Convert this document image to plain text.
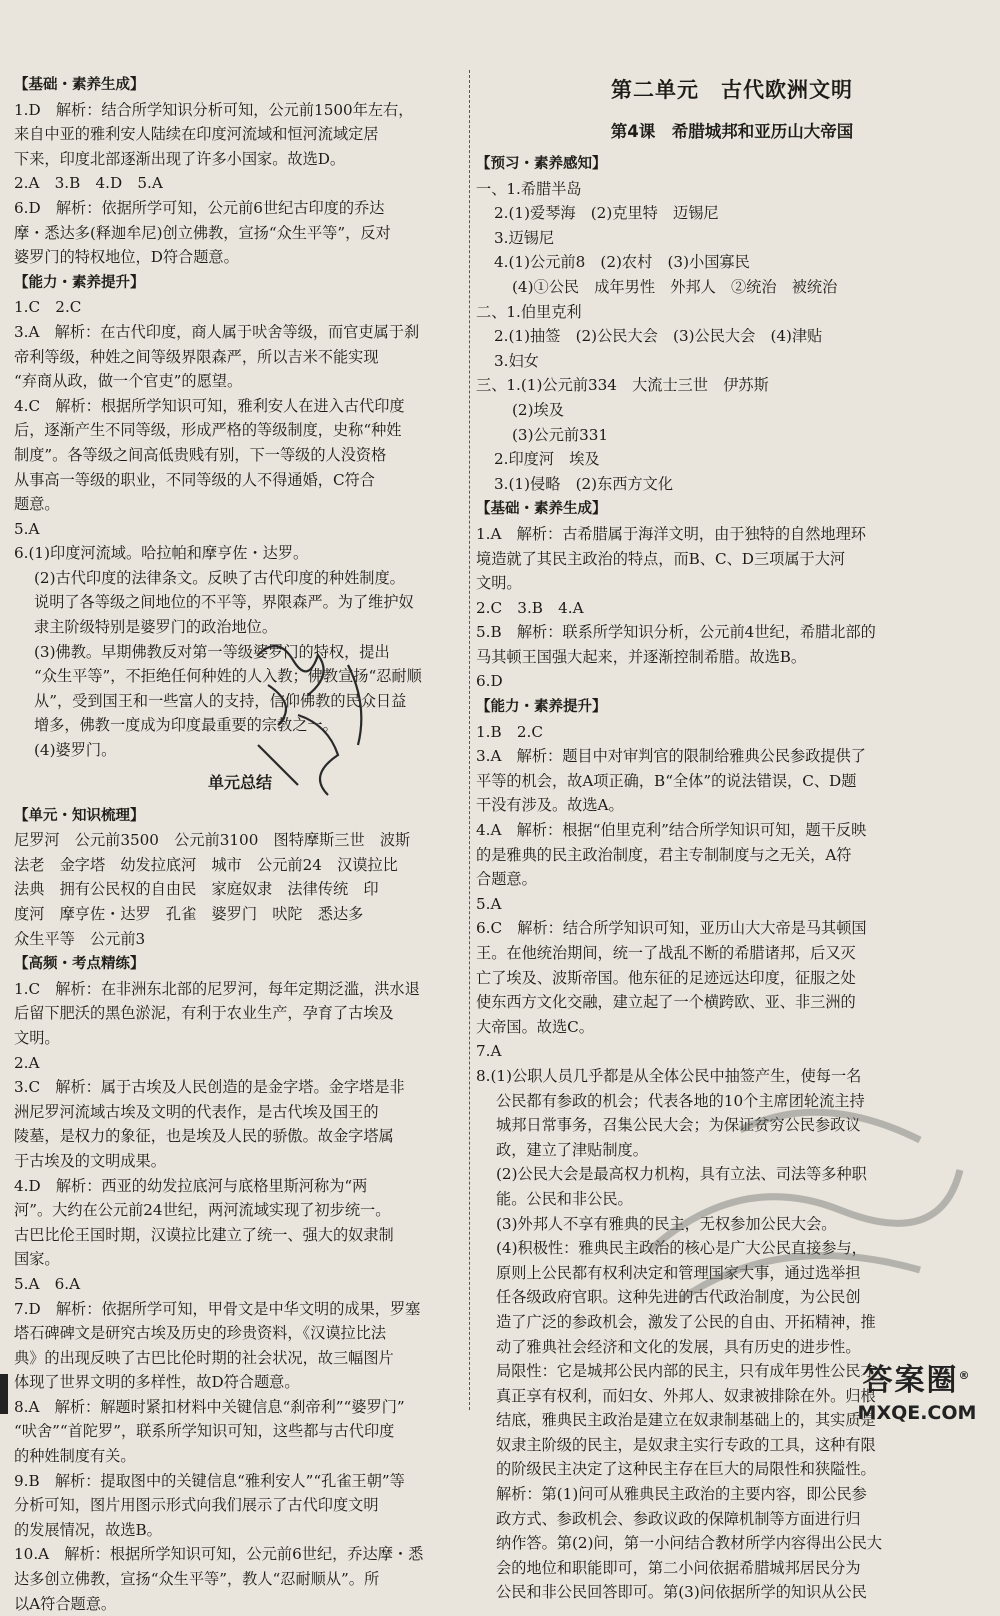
【基础・素养生成】

1.D　解析：结合所学知识分析可知，公元前1500年左右，

来自中亚的雅利安人陆续在印度河流域和恒河流域定居

下来，印度北部逐渐出现了许多小国家。故选D。

2.A　3.B　4.D　5.A

6.D　解析：依据所学可知，公元前6世纪古印度的乔达

摩・悉达多(释迦牟尼)创立佛教，宣扬“众生平等”，反对

婆罗门的特权地位，D符合题意。

【能力・素养提升】

1.C　2.C

3.A　解析：在古代印度，商人属于吠舍等级，而官吏属于刹

帝利等级，种姓之间等级界限森严，所以吉米不能实现

“弃商从政，做一个官吏”的愿望。

4.C　解析：根据所学知识可知，雅利安人在进入古代印度

后，逐渐产生不同等级，形成严格的等级制度，史称“种姓

制度”。各等级之间高低贵贱有别，下一等级的人没资格

从事高一等级的职业，不同等级的人不得通婚，C符合

题意。

5.A

6.(1)印度河流域。哈拉帕和摩亨佐・达罗。

(2)古代印度的法律条文。反映了古代印度的种姓制度。

说明了各等级之间地位的不平等，界限森严。为了维护奴

隶主阶级特别是婆罗门的政治地位。

(3)佛教。早期佛教反对第一等级婆罗门的特权，提出

“众生平等”，不拒绝任何种姓的人入教；佛教宣扬“忍耐顺

从”，受到国王和一些富人的支持，信仰佛教的民众日益

增多，佛教一度成为印度最重要的宗教之一。

(4)婆罗门。

单元总结
【单元・知识梳理】

尼罗河　公元前3500　公元前3100　图特摩斯三世　波斯

法老　金字塔　幼发拉底河　城市　公元前24　汉谟拉比

法典　拥有公民权的自由民　家庭奴隶　法律传统　印

度河　摩亨佐・达罗　孔雀　婆罗门　吠陀　悉达多

众生平等　公元前3

【高频・考点精练】

1.C　解析：在非洲东北部的尼罗河，每年定期泛滥，洪水退

后留下肥沃的黑色淤泥，有利于农业生产，孕育了古埃及

文明。

2.A

3.C　解析：属于古埃及人民创造的是金字塔。金字塔是非

洲尼罗河流域古埃及文明的代表作，是古代埃及国王的

陵墓，是权力的象征，也是埃及人民的骄傲。故金字塔属

于古埃及的文明成果。

4.D　解析：西亚的幼发拉底河与底格里斯河称为“两

河”。大约在公元前24世纪，两河流域实现了初步统一。

古巴比伦王国时期，汉谟拉比建立了统一、强大的奴隶制

国家。

5.A　6.A

7.D　解析：依据所学可知，甲骨文是中华文明的成果，罗塞

塔石碑碑文是研究古埃及历史的珍贵资料，《汉谟拉比法

典》的出现反映了古巴比伦时期的社会状况，故三幅图片

体现了世界文明的多样性，故D符合题意。

8.A　解析：解题时紧扣材料中关键信息“刹帝利”“婆罗门”

“吠舍”“首陀罗”，联系所学知识可知，这些都与古代印度

的种姓制度有关。

9.B　解析：提取图中的关键信息“雅利安人”“孔雀王朝”等

分析可知，图片用图示形式向我们展示了古代印度文明

的发展情况，故选B。

10.A　解析：根据所学知识可知，公元前6世纪，乔达摩・悉

达多创立佛教，宣扬“众生平等”，教人“忍耐顺从”。所

以A符合题意。

第二单元　古代欧洲文明
第4课　希腊城邦和亚历山大帝国
【预习・素养感知】

一、1.希腊半岛

2.(1)爱琴海　(2)克里特　迈锡尼

3.迈锡尼

4.(1)公元前8　(2)农村　(3)小国寡民

(4)①公民　成年男性　外邦人　②统治　被统治

二、1.伯里克利

2.(1)抽签　(2)公民大会　(3)公民大会　(4)津贴

3.妇女

三、1.(1)公元前334　大流士三世　伊苏斯

(2)埃及

(3)公元前331

2.印度河　埃及

3.(1)侵略　(2)东西方文化

【基础・素养生成】

1.A　解析：古希腊属于海洋文明，由于独特的自然地理环

境造就了其民主政治的特点，而B、C、D三项属于大河

文明。

2.C　3.B　4.A

5.B　解析：联系所学知识分析，公元前4世纪，希腊北部的

马其顿王国强大起来，并逐渐控制希腊。故选B。

6.D

【能力・素养提升】

1.B　2.C

3.A　解析：题目中对审判官的限制给雅典公民参政提供了

平等的机会，故A项正确，B“全体”的说法错误，C、D题

干没有涉及。故选A。

4.A　解析：根据“伯里克利”结合所学知识可知，题干反映

的是雅典的民主政治制度，君主专制制度与之无关，A符

合题意。

5.A

6.C　解析：结合所学知识可知，亚历山大大帝是马其顿国

王。在他统治期间，统一了战乱不断的希腊诸邦，后又灭

亡了埃及、波斯帝国。他东征的足迹远达印度，征服之处

使东西方文化交融，建立起了一个横跨欧、亚、非三洲的

大帝国。故选C。

7.A

8.(1)公职人员几乎都是从全体公民中抽签产生，使每一名

公民都有参政的机会；代表各地的10个主席团轮流主持

城邦日常事务，召集公民大会；为保证贫穷公民参政议

政，建立了津贴制度。

(2)公民大会是最高权力机构，具有立法、司法等多种职

能。公民和非公民。

(3)外邦人不享有雅典的民主，无权参加公民大会。

(4)积极性：雅典民主政治的核心是广大公民直接参与，

原则上公民都有权利决定和管理国家大事，通过选举担

任各级政府官职。这种先进的古代政治制度，为公民创

造了广泛的参政机会，激发了公民的自由、开拓精神，推

动了雅典社会经济和文化的发展，具有历史的进步性。

局限性：它是城邦公民内部的民主，只有成年男性公民才

真正享有权利，而妇女、外邦人、奴隶被排除在外。归根

结底，雅典民主政治是建立在奴隶制基础上的，其实质是

奴隶主阶级的民主，是奴隶主实行专政的工具，这种有限

的阶级民主决定了这种民主存在巨大的局限性和狭隘性。

解析：第(1)问可从雅典民主政治的主要内容，即公民参

政方式、参政机会、参政议政的保障机制等方面进行归

纳作答。第(2)问，第一小问结合教材所学内容得出公民大

会的地位和职能即可，第二小问依据希腊城邦居民分为

公民和非公民回答即可。第(3)问依据所学的知识从公民

答案圈®
MXQE.COM
